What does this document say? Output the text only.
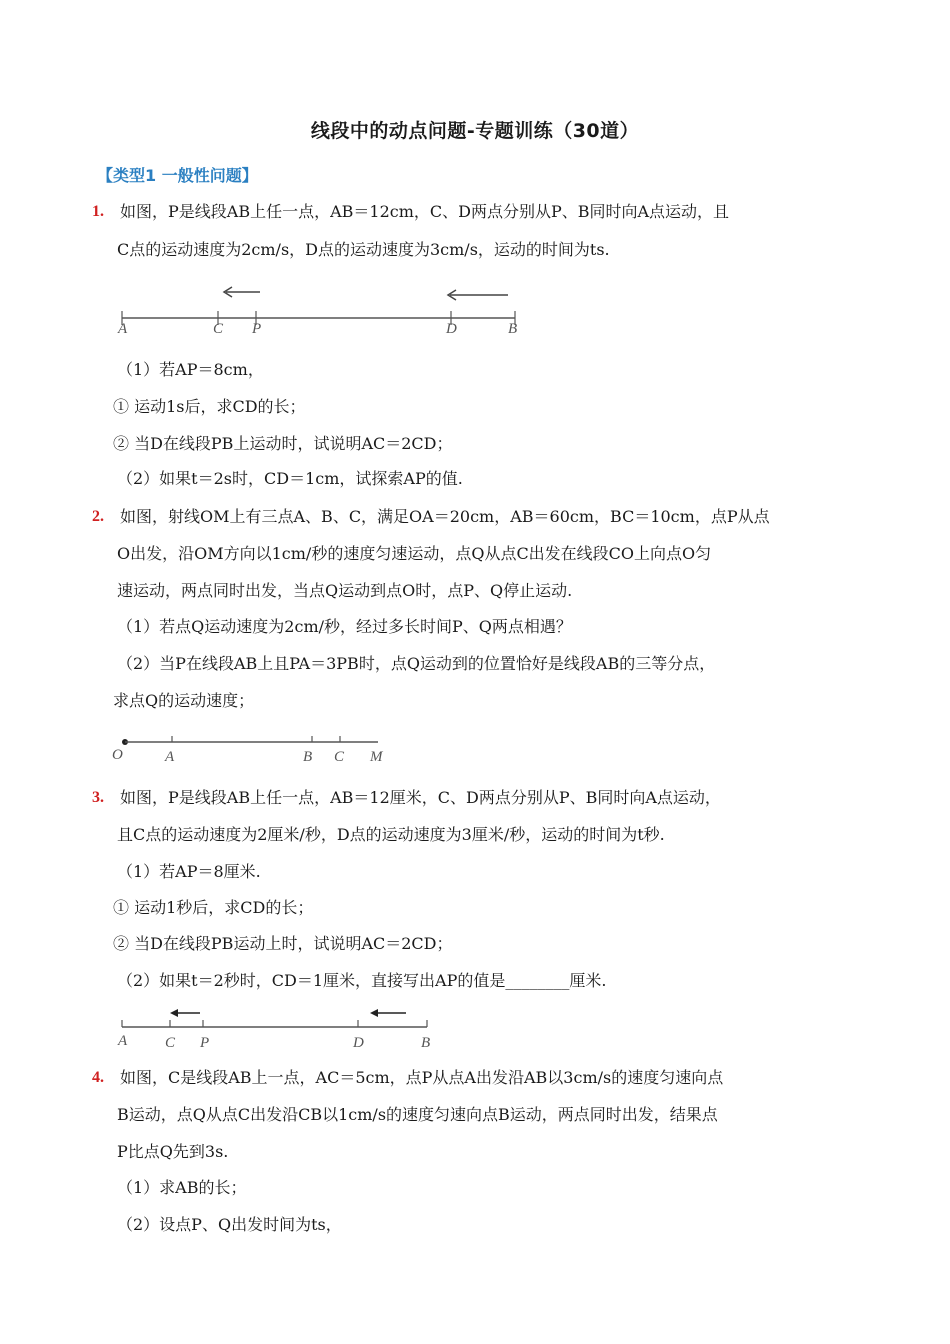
线段中的动点问题-专题训练（30道）
【类型1 一般性问题】
1. 如图，P是线段AB上任一点，AB＝12cm，C、D两点分别从P、B同时向A点运动，且
C点的运动速度为2cm/s，D点的运动速度为3cm/s，运动的时间为ts.
A	C P	D	B
（1）若AP＝8cm，
① 运动1s后，求CD的长；
② 当D在线段PB上运动时，试说明AC＝2CD；
（2）如果t＝2s时，CD＝1cm，试探索AP的值.
2. 如图，射线OM上有三点A、B、C，满足OA＝20cm，AB＝60cm，BC＝10cm，点P从点
O出发，沿OM方向以1cm/秒的速度匀速运动，点Q从点C出发在线段CO上向点O匀
速运动，两点同时出发，当点Q运动到点O时，点P、Q停止运动.
（1）若点Q运动速度为2cm/秒，经过多长时间P、Q两点相遇？
（2）当P在线段AB上且PA＝3PB时，点Q运动到的位置恰好是线段AB的三等分点，
求点Q的运动速度；
O	A	B C M
3. 如图，P是线段AB上任一点，AB＝12厘米，C、D两点分别从P、B同时向A点运动，
且C点的运动速度为2厘米/秒，D点的运动速度为3厘米/秒，运动的时间为t秒.
（1）若AP＝8厘米.
① 运动1秒后，求CD的长；
② 当D在线段PB运动上时，试说明AC＝2CD；
（2）如果t＝2秒时，CD＝1厘米，直接写出AP的值是________厘米.
A	C P	D	B
4. 如图，C是线段AB上一点，AC＝5cm，点P从点A出发沿AB以3cm/s的速度匀速向点
B运动，点Q从点C出发沿CB以1cm/s的速度匀速向点B运动，两点同时出发，结果点
P比点Q先到3s.
（1）求AB的长；
（2）设点P、Q出发时间为ts，
